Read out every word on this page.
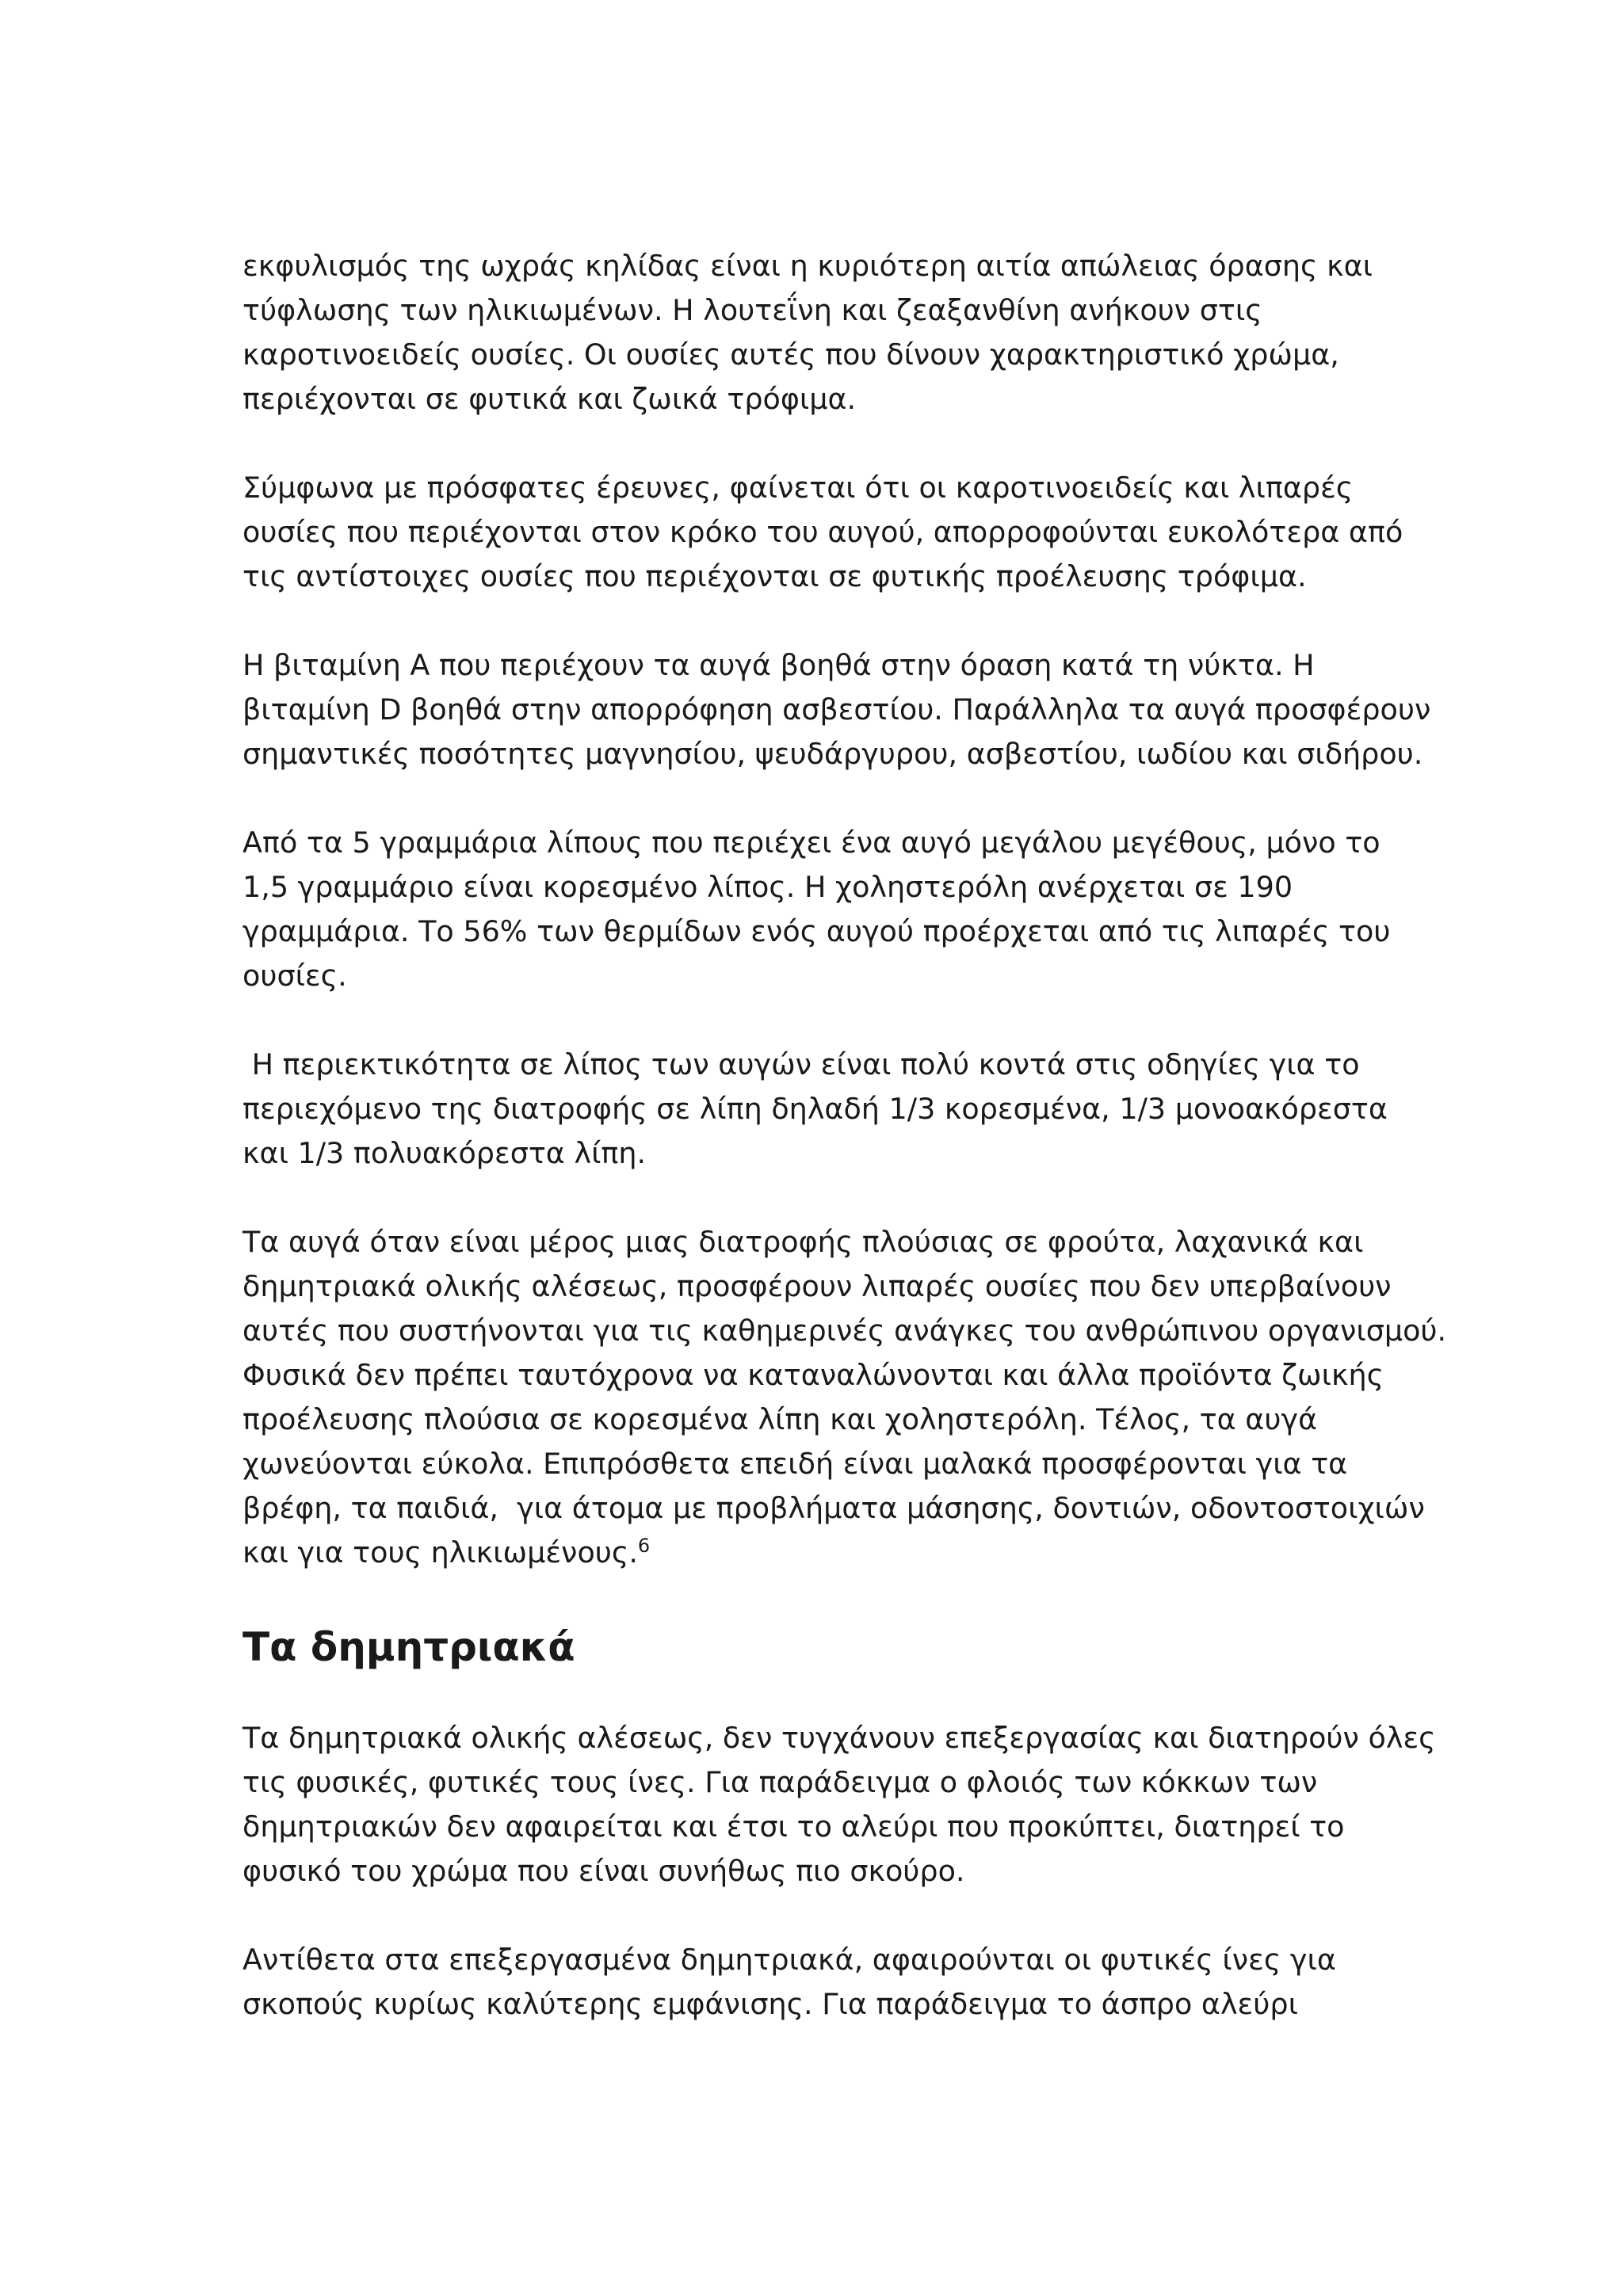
εκφυλισμός της ωχράς κηλίδας είναι η κυριότερη αιτία απώλειας όρασης και
τύφλωσης των ηλικιωμένων. Η λουτεΐνη και ζεαξανθίνη ανήκουν στις
καροτινοειδείς ουσίες. Οι ουσίες αυτές που δίνουν χαρακτηριστικό χρώμα,
περιέχονται σε φυτικά και ζωικά τρόφιμα.

Σύμφωνα με πρόσφατες έρευνες, φαίνεται ότι οι καροτινοειδείς και λιπαρές
ουσίες που περιέχονται στον κρόκο του αυγού, απορροφούνται ευκολότερα από
τις αντίστοιχες ουσίες που περιέχονται σε φυτικής προέλευσης τρόφιμα.

Η βιταμίνη Α που περιέχουν τα αυγά βοηθά στην όραση κατά τη νύκτα. Η
βιταμίνη D βοηθά στην απορρόφηση ασβεστίου. Παράλληλα τα αυγά προσφέρουν
σημαντικές ποσότητες μαγνησίου, ψευδάργυρου, ασβεστίου, ιωδίου και σιδήρου.

Από τα 5 γραμμάρια λίπους που περιέχει ένα αυγό μεγάλου μεγέθους, μόνο το
1,5 γραμμάριο είναι κορεσμένο λίπος. Η χοληστερόλη ανέρχεται σε 190
γραμμάρια. Το 56% των θερμίδων ενός αυγού προέρχεται από τις λιπαρές του
ουσίες.

Η περιεκτικότητα σε λίπος των αυγών είναι πολύ κοντά στις οδηγίες για το
περιεχόμενο της διατροφής σε λίπη δηλαδή 1/3 κορεσμένα, 1/3 μονοακόρεστα
και 1/3 πολυακόρεστα λίπη.

Τα αυγά όταν είναι μέρος μιας διατροφής πλούσιας σε φρούτα, λαχανικά και
δημητριακά ολικής αλέσεως, προσφέρουν λιπαρές ουσίες που δεν υπερβαίνουν
αυτές που συστήνονται για τις καθημερινές ανάγκες του ανθρώπινου οργανισμού.
Φυσικά δεν πρέπει ταυτόχρονα να καταναλώνονται και άλλα προϊόντα ζωικής
προέλευσης πλούσια σε κορεσμένα λίπη και χοληστερόλη. Τέλος, τα αυγά
χωνεύονται εύκολα. Επιπρόσθετα επειδή είναι μαλακά προσφέρονται για τα
βρέφη, τα παιδιά,  για άτομα με προβλήματα μάσησης, δοντιών, οδοντοστοιχιών
και για τους ηλικιωμένους.$^6$

Τα δημητριακά

Τα δημητριακά ολικής αλέσεως, δεν τυγχάνουν επεξεργασίας και διατηρούν όλες
τις φυσικές, φυτικές τους ίνες. Για παράδειγμα ο φλοιός των κόκκων των
δημητριακών δεν αφαιρείται και έτσι το αλεύρι που προκύπτει, διατηρεί το
φυσικό του χρώμα που είναι συνήθως πιο σκούρο.

Αντίθετα στα επεξεργασμένα δημητριακά, αφαιρούνται οι φυτικές ίνες για
σκοπούς κυρίως καλύτερης εμφάνισης. Για παράδειγμα το άσπρο αλεύρι
